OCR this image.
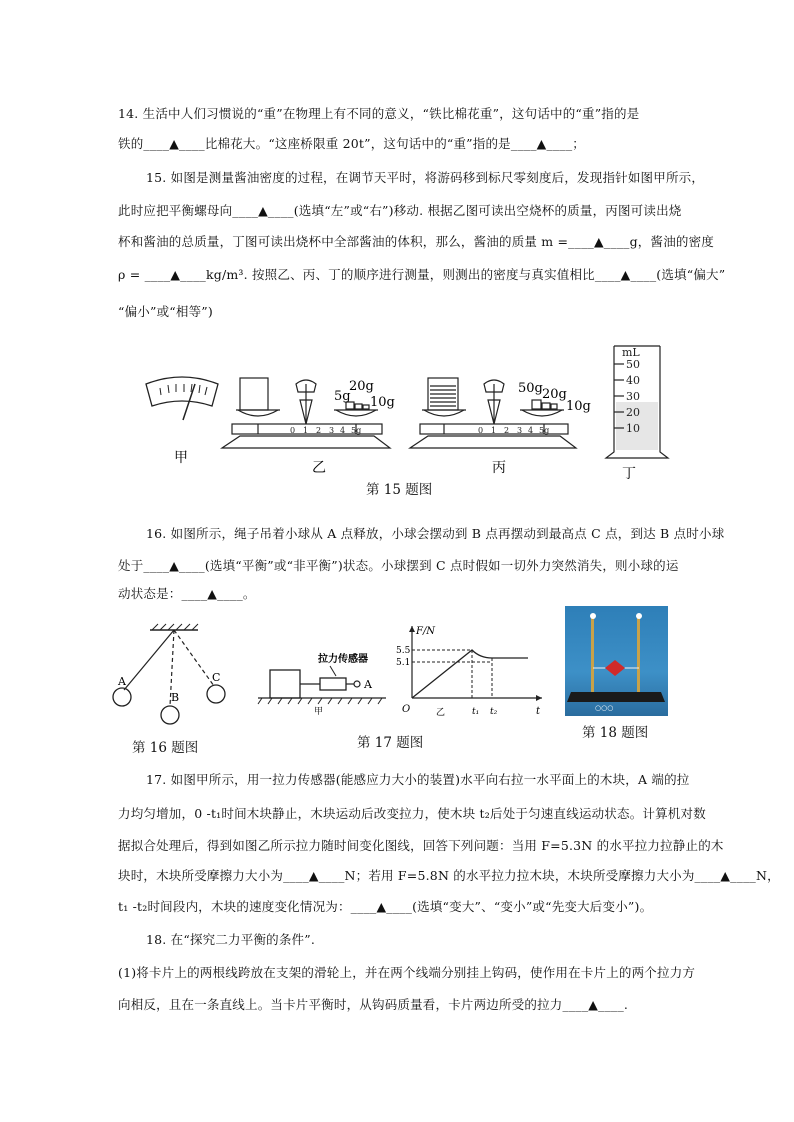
14. 生活中人们习惯说的“重”在物理上有不同的意义，“铁比棉花重”，这句话中的“重”指的是
铁的____▲____比棉花大。“这座桥限重 20t”，这句话中的“重”指的是____▲____；
15. 如图是测量酱油密度的过程，在调节天平时，将游码移到标尺零刻度后，发现指针如图甲所示，
此时应把平衡螺母向____▲____(选填“左”或“右”)移动. 根据乙图可读出空烧杯的质量，丙图可读出烧
杯和酱油的总质量，丁图可读出烧杯中全部酱油的体积，那么，酱油的质量 m =____▲____g，酱油的密度
ρ = ____▲____kg/m³. 按照乙、丙、丁的顺序进行测量，则测出的密度与真实值相比____▲____(选填“偏大”
“偏小”或“相等”)
甲
0 1 2 3 4 5g
5g
20g
10g
乙
0 1 2 3 4 5g
50g 20g
10g
丙
mL
50
40
30
20
10
丁
第 15 题图
16. 如图所示，绳子吊着小球从 A 点释放，小球会摆动到 B 点再摆动到最高点 C 点，到达 B 点时小球
处于____▲____(选填“平衡”或“非平衡”)状态。小球摆到 C 点时假如一切外力突然消失，则小球的运
动状态是：____▲____。
A
B
C
第 16 题图
拉力传感器
A
甲
第 17 题图
F/N
O	t
5.5
5.1
t₁ t₂
乙	○○○
第 18 题图
17. 如图甲所示，用一拉力传感器(能感应力大小的装置)水平向右拉一水平面上的木块，A 端的拉
力均匀增加，0 -t₁时间木块静止，木块运动后改变拉力，使木块 t₂后处于匀速直线运动状态。计算机对数
据拟合处理后，得到如图乙所示拉力随时间变化图线，回答下列问题：当用 F=5.3N 的水平拉力拉静止的木
块时，木块所受摩擦力大小为____▲____N；若用 F=5.8N 的水平拉力拉木块，木块所受摩擦力大小为____▲____N，
t₁ -t₂时间段内，木块的速度变化情况为：____▲____(选填“变大”、“变小”或“先变大后变小”)。
18. 在“探究二力平衡的条件”.
(1)将卡片上的两根线跨放在支架的滑轮上，并在两个线端分别挂上钩码，使作用在卡片上的两个拉力方
向相反，且在一条直线上。当卡片平衡时，从钩码质量看，卡片两边所受的拉力____▲____.
